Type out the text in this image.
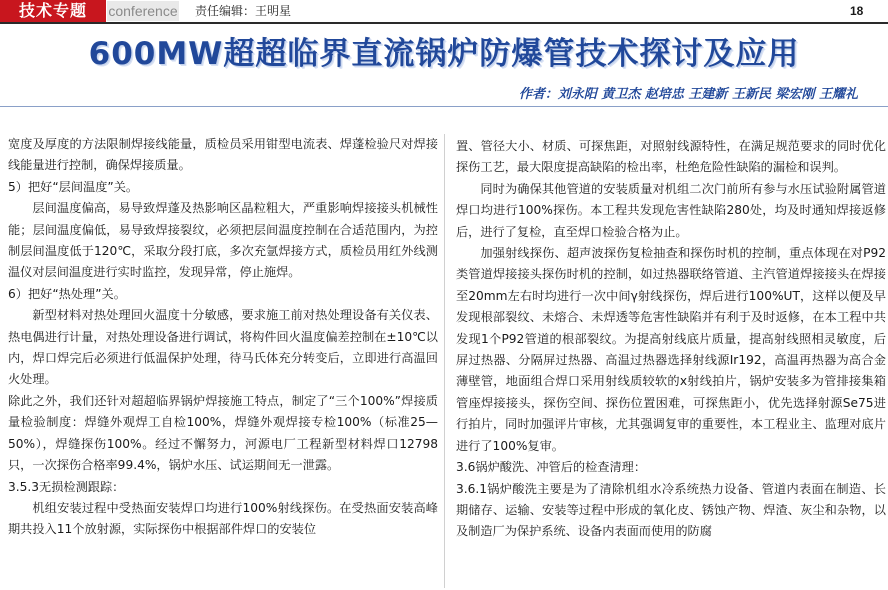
技术专题	conference 责任编辑：王明星	18
600MW超超临界直流锅炉防爆管技术探讨及应用
作者：刘永阳 黄卫杰 赵培忠 王建新 王新民 梁宏刚 王耀礼

宽度及厚度的方法限制焊接线能量，质检员采用钳型电流表、焊蓬检验尺对焊接线能量进行控制，确保焊接质量。

5）把好“层间温度”关。

层间温度偏高，易导致焊蓬及热影响区晶粒粗大，严重影响焊接接头机械性能；层间温度偏低，易导致焊接裂纹，必须把层间温度控制在合适范围内，为控制层间温度低于120℃，采取分段打底，多次充氩焊接方式，质检员用红外线测温仪对层间温度进行实时监控，发现异常，停止施焊。

6）把好“热处理”关。

新型材料对热处理回火温度十分敏感，要求施工前对热处理设备有关仪表、热电偶进行计量，对热处理设备进行调试，将构件回火温度偏差控制在±10℃以内，焊口焊完后必须进行低温保护处理，待马氏体充分转变后，立即进行高温回火处理。

除此之外，我们还针对超超临界锅炉焊接施工特点，制定了“三个100%”焊接质量检验制度：焊缝外观焊工自检100%，焊缝外观焊接专检100%（标准25—50%），焊缝探伤100%。经过不懈努力，河源电厂工程新型材料焊口12798只，一次探伤合格率99.4%，锅炉水压、试运期间无一泄露。

3.5.3无损检测跟踪：

机组安装过程中受热面安装焊口均进行100%射线探伤。在受热面安装高峰期共投入11个放射源，实际探伤中根据部件焊口的安装位

置、管径大小、材质、可探焦距，对照射线源特性，在满足规范要求的同时优化探伤工艺，最大限度提高缺陷的检出率，杜绝危险性缺陷的漏检和误判。

同时为确保其他管道的安装质量对机组二次门前所有参与水压试验附属管道焊口均进行100%探伤。本工程共发现危害性缺陷280处，均及时通知焊接返修后，进行了复检，直至焊口检验合格为止。

加强射线探伤、超声波探伤复检抽查和探伤时机的控制，重点体现在对P92类管道焊接接头探伤时机的控制，如过热器联络管道、主汽管道焊接接头在焊接至20mm左右时均进行一次中间γ射线探伤，焊后进行100%UT，这样以便及早发现根部裂纹、未熔合、未焊透等危害性缺陷并有利于及时返修，在本工程中共发现1个P92管道的根部裂纹。为提高射线底片质量，提高射线照相灵敏度，后屏过热器、分隔屏过热器、高温过热器选择射线源Ir192，高温再热器为高合金薄壁管，地面组合焊口采用射线质较软的x射线拍片，锅炉安装多为管排接集箱管座焊接接头，探伤空间、探伤位置困难，可探焦距小，优先选择射源Se75进行拍片，同时加强评片审核，尤其强调复审的重要性，本工程业主、监理对底片进行了100%复审。

3.6锅炉酸洗、冲管后的检查清理：

3.6.1锅炉酸洗主要是为了清除机组水冷系统热力设备、管道内表面在制造、长期储存、运输、安装等过程中形成的氧化皮、锈蚀产物、焊渣、灰尘和杂物，以及制造厂为保护系统、设备内表面而使用的防腐
